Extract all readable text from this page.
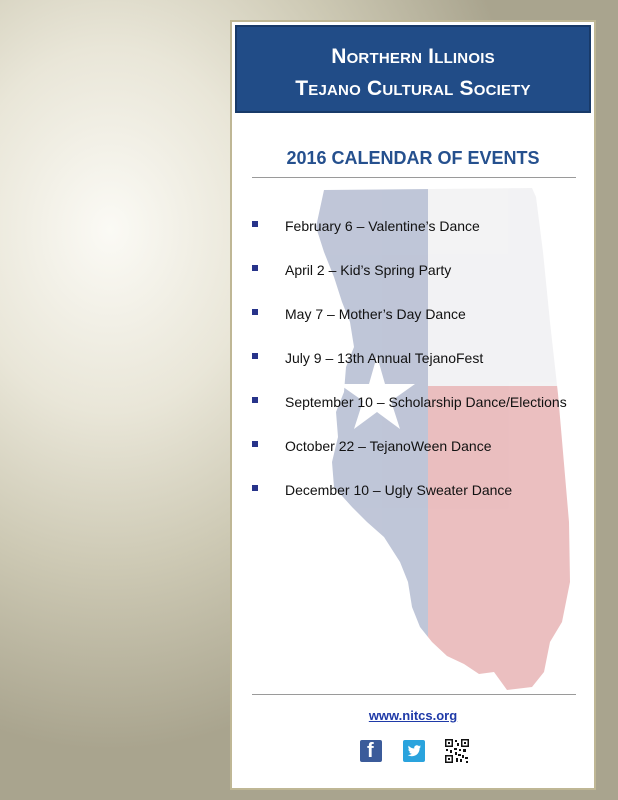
Northern Illinois
Tejano Cultural Society
2016 CALENDAR OF EVENTS
February 6 – Valentine’s Dance
April 2 – Kid’s Spring Party
May 7 – Mother’s Day Dance
July 9 – 13th Annual TejanoFest
September 10 – Scholarship Dance/Elections
October 22 – TejanoWeen Dance
December 10 – Ugly Sweater Dance
www.nitcs.org
f
